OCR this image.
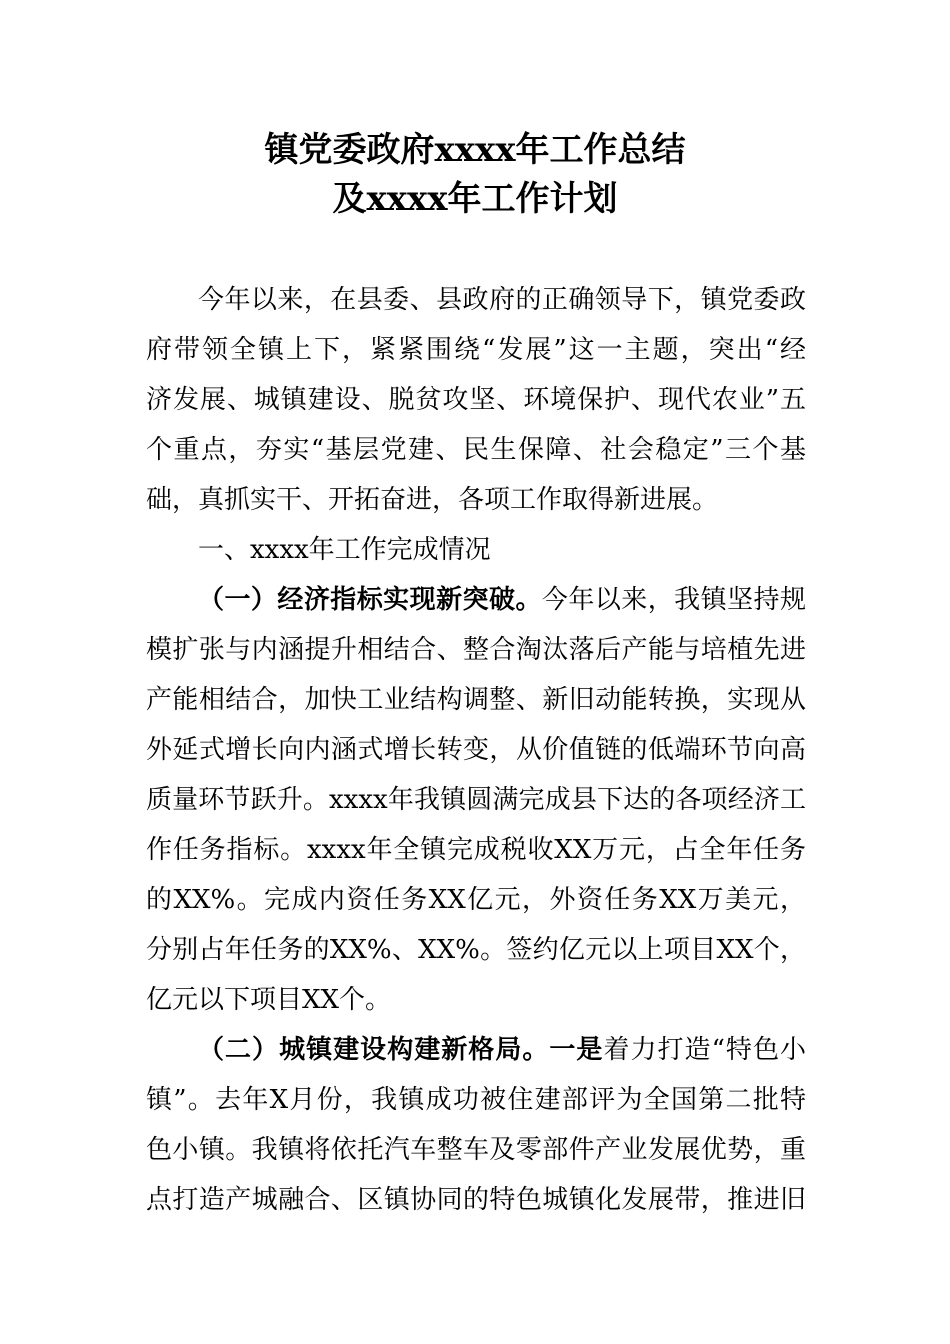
镇党委政府xxxx年工作总结
及xxxx年工作计划
今年以来，在县委、县政府的正确领导下，镇党委政
府带领全镇上下，紧紧围绕“发展”这一主题，突出“经
济发展、城镇建设、脱贫攻坚、环境保护、现代农业”五
个重点，夯实“基层党建、民生保障、社会稳定”三个基
础，真抓实干、开拓奋进，各项工作取得新进展。
一、xxxx年工作完成情况
（一）经济指标实现新突破。今年以来，我镇坚持规
模扩张与内涵提升相结合、整合淘汰落后产能与培植先进
产能相结合，加快工业结构调整、新旧动能转换，实现从
外延式增长向内涵式增长转变，从价值链的低端环节向高
质量环节跃升。xxxx年我镇圆满完成县下达的各项经济工
作任务指标。xxxx年全镇完成税收XX万元，占全年任务
的XX%。完成内资任务XX亿元，外资任务XX万美元，
分别占年任务的XX%、XX%。签约亿元以上项目XX个，
亿元以下项目XX个。
（二）城镇建设构建新格局。一是着力打造“特色小
镇”。去年X月份，我镇成功被住建部评为全国第二批特
色小镇。我镇将依托汽车整车及零部件产业发展优势，重
点打造产城融合、区镇协同的特色城镇化发展带，推进旧
